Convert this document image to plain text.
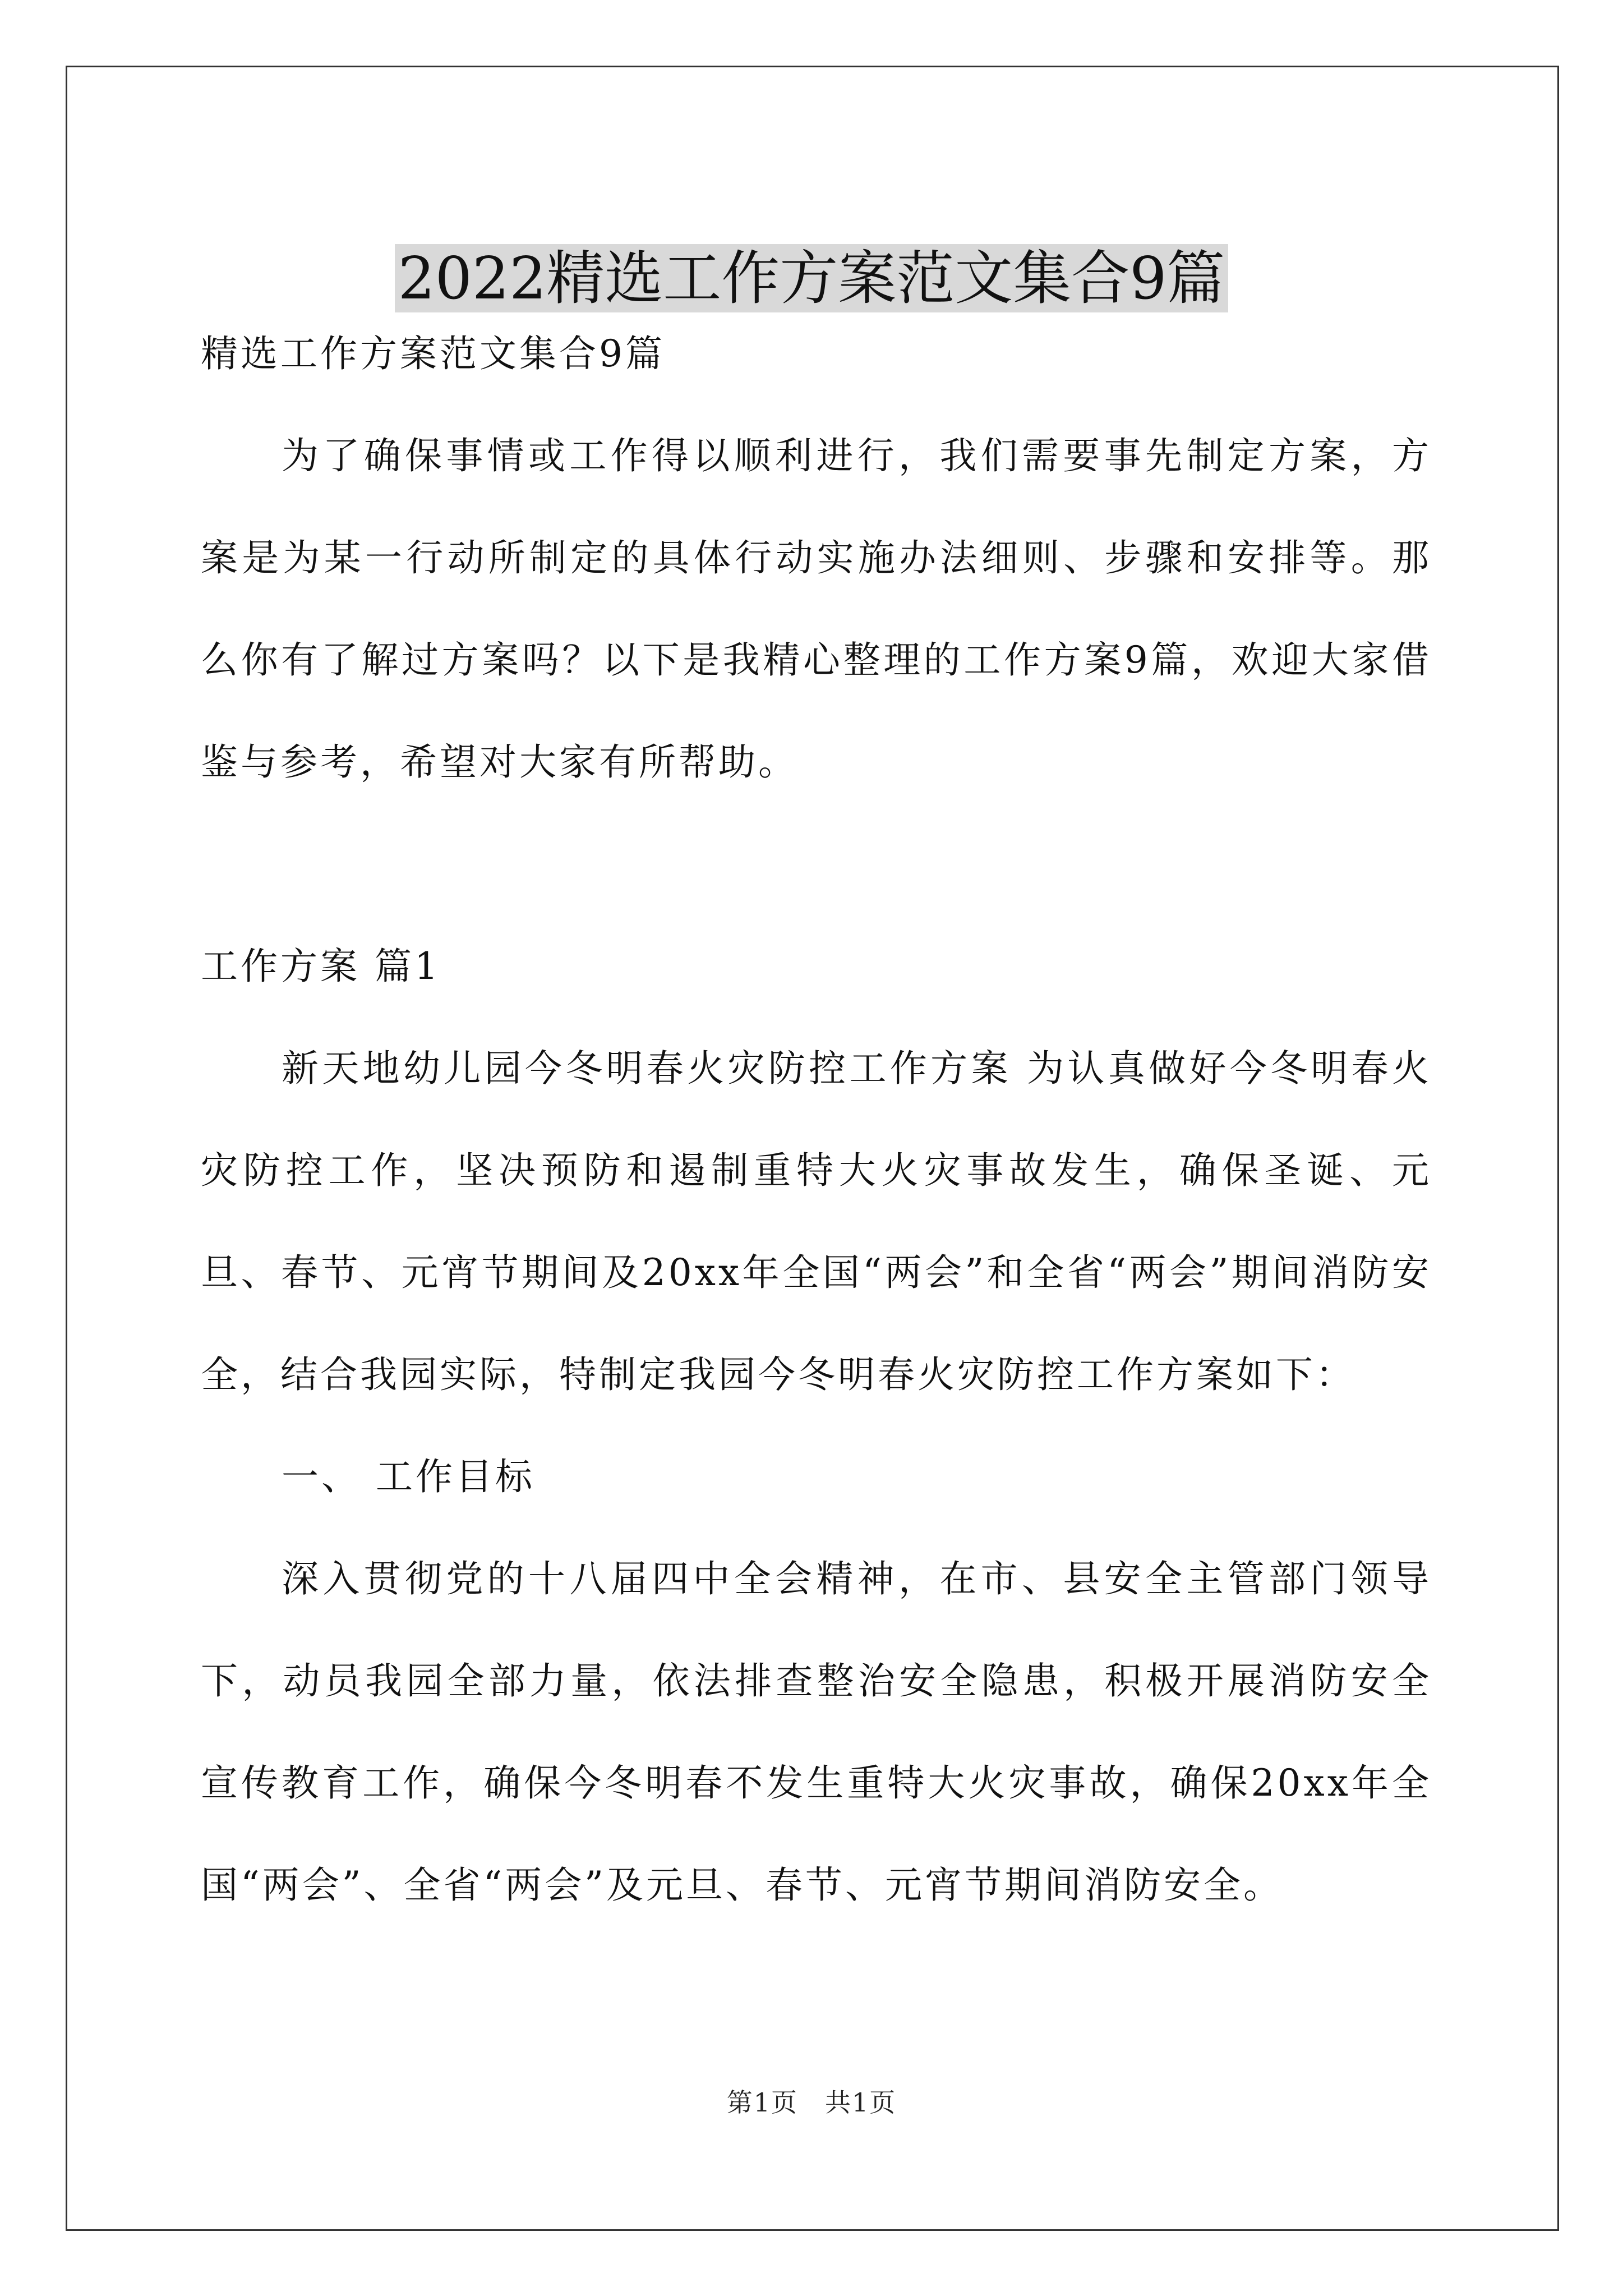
2022精选工作方案范文集合9篇

精选工作方案范文集合9篇

为了确保事情或工作得以顺利进行，我们需要事先制定方案，方案是为某一行动所制定的具体行动实施办法细则、步骤和安排等。那么你有了解过方案吗？以下是我精心整理的工作方案9篇，欢迎大家借鉴与参考，希望对大家有所帮助。

工作方案 篇1

新天地幼儿园今冬明春火灾防控工作方案 为认真做好今冬明春火灾防控工作，坚决预防和遏制重特大火灾事故发生，确保圣诞、元旦、春节、元宵节期间及20xx年全国“两会”和全省“两会”期间消防安全，结合我园实际，特制定我园今冬明春火灾防控工作方案如下：

一、 工作目标

深入贯彻党的十八届四中全会精神，在市、县安全主管部门领导下，动员我园全部力量，依法排查整治安全隐患，积极开展消防安全宣传教育工作，确保今冬明春不发生重特大火灾事故，确保20xx年全国“两会”、全省“两会”及元旦、春节、元宵节期间消防安全。

第1页　共1页
